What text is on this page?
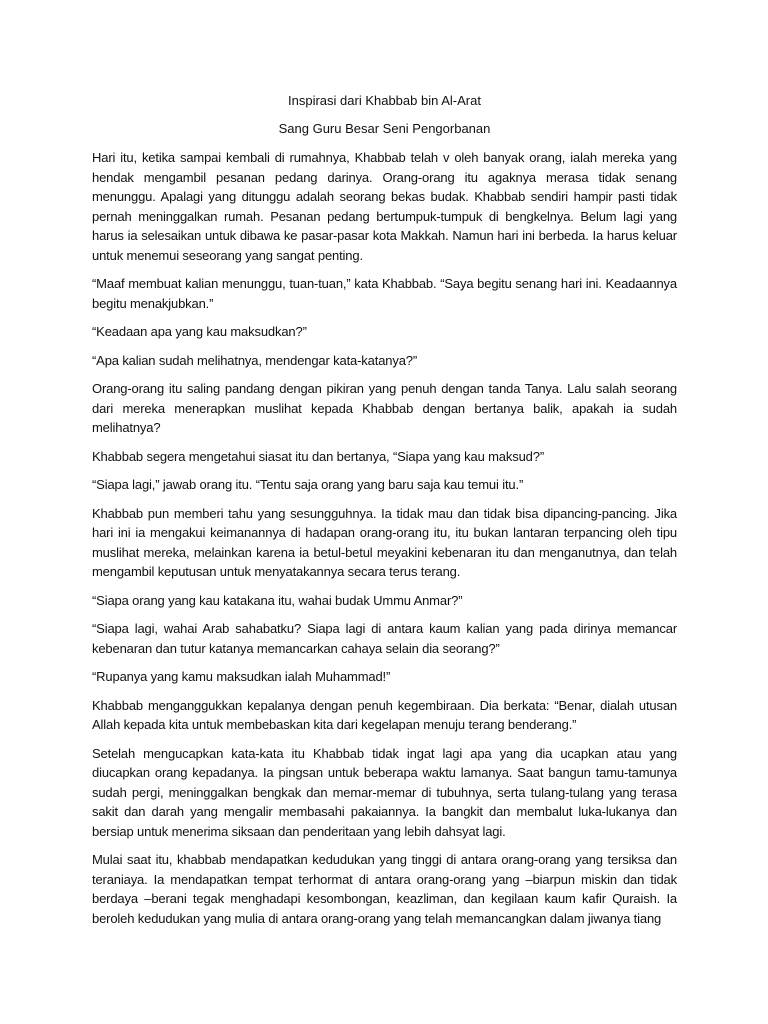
Inspirasi dari Khabbab bin Al-Arat
Sang Guru Besar Seni Pengorbanan

Hari itu, ketika sampai kembali di rumahnya, Khabbab telah v oleh banyak orang, ialah mereka yang hendak mengambil pesanan pedang darinya. Orang-orang itu agaknya merasa tidak senang menunggu. Apalagi yang ditunggu adalah seorang bekas budak. Khabbab sendiri hampir pasti tidak pernah meninggalkan rumah. Pesanan pedang bertumpuk-tumpuk di bengkelnya. Belum lagi yang harus ia selesaikan untuk dibawa ke pasar-pasar kota Makkah. Namun hari ini berbeda. Ia harus keluar untuk menemui seseorang yang sangat penting.

“Maaf membuat kalian menunggu, tuan-tuan,” kata Khabbab. “Saya begitu senang hari ini. Keadaannya begitu menakjubkan.”

“Keadaan apa yang kau maksudkan?”

“Apa kalian sudah melihatnya, mendengar kata-katanya?”

Orang-orang itu saling pandang dengan pikiran yang penuh dengan tanda Tanya. Lalu salah seorang dari mereka menerapkan muslihat kepada Khabbab dengan bertanya balik, apakah ia sudah melihatnya?

Khabbab segera mengetahui siasat itu dan bertanya, “Siapa yang kau maksud?”

“Siapa lagi,” jawab orang itu. “Tentu saja orang yang baru saja kau temui itu.”

Khabbab pun memberi tahu yang sesungguhnya. Ia tidak mau dan tidak bisa dipancing-pancing. Jika hari ini ia mengakui keimanannya di hadapan orang-orang itu, itu bukan lantaran terpancing oleh tipu muslihat mereka, melainkan karena ia betul-betul meyakini kebenaran itu dan menganutnya, dan telah mengambil keputusan untuk menyatakannya secara terus terang.

“Siapa orang yang kau katakana itu, wahai budak Ummu Anmar?”

“Siapa lagi, wahai Arab sahabatku? Siapa lagi di antara kaum kalian yang pada dirinya memancar kebenaran dan tutur katanya memancarkan cahaya selain dia seorang?”

“Rupanya yang kamu maksudkan ialah Muhammad!”

Khabbab menganggukkan kepalanya dengan penuh kegembiraan. Dia berkata: “Benar, dialah utusan Allah kepada kita untuk membebaskan kita dari kegelapan menuju terang benderang.”

Setelah mengucapkan kata-kata itu Khabbab tidak ingat lagi apa yang dia ucapkan atau yang diucapkan orang kepadanya. Ia pingsan untuk beberapa waktu lamanya. Saat bangun tamu-tamunya sudah pergi, meninggalkan bengkak dan memar-memar di tubuhnya, serta tulang-tulang yang terasa sakit dan darah yang mengalir membasahi pakaiannya. Ia bangkit dan membalut luka-lukanya dan bersiap untuk menerima siksaan dan penderitaan yang lebih dahsyat lagi.

Mulai saat itu, khabbab mendapatkan kedudukan yang tinggi di antara orang-orang yang tersiksa dan teraniaya. Ia mendapatkan tempat terhormat di antara orang-orang yang –biarpun miskin dan tidak berdaya –berani tegak menghadapi kesombongan, keazliman, dan kegilaan kaum kafir Quraish. Ia beroleh kedudukan yang mulia di antara orang-orang yang telah memancangkan dalam jiwanya tiang
